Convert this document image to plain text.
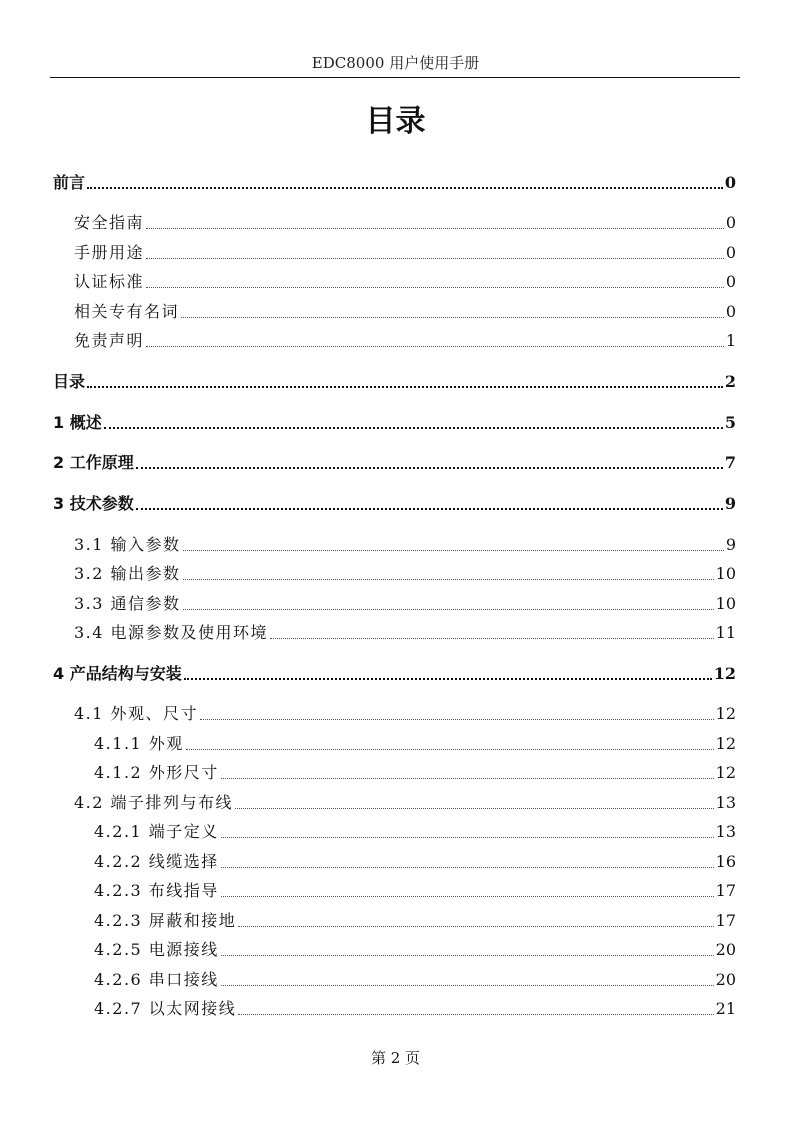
EDC8000 用户使用手册
目录
前言	0
安全指南	0
手册用途	0
认证标准	0
相关专有名词	0
免责声明	1
目录	2
1 概述	5
2 工作原理	7
3 技术参数	9
3.1 输入参数	9
3.2 输出参数	10
3.3 通信参数	10
3.4 电源参数及使用环境	11
4 产品结构与安装	12
4.1 外观、尺寸	12
4.1.1 外观	12
4.1.2 外形尺寸	12
4.2 端子排列与布线	13
4.2.1 端子定义	13
4.2.2 线缆选择	16
4.2.3 布线指导	17
4.2.3 屏蔽和接地	17
4.2.5 电源接线	20
4.2.6 串口接线	20
4.2.7 以太网接线	21
第 2 页
